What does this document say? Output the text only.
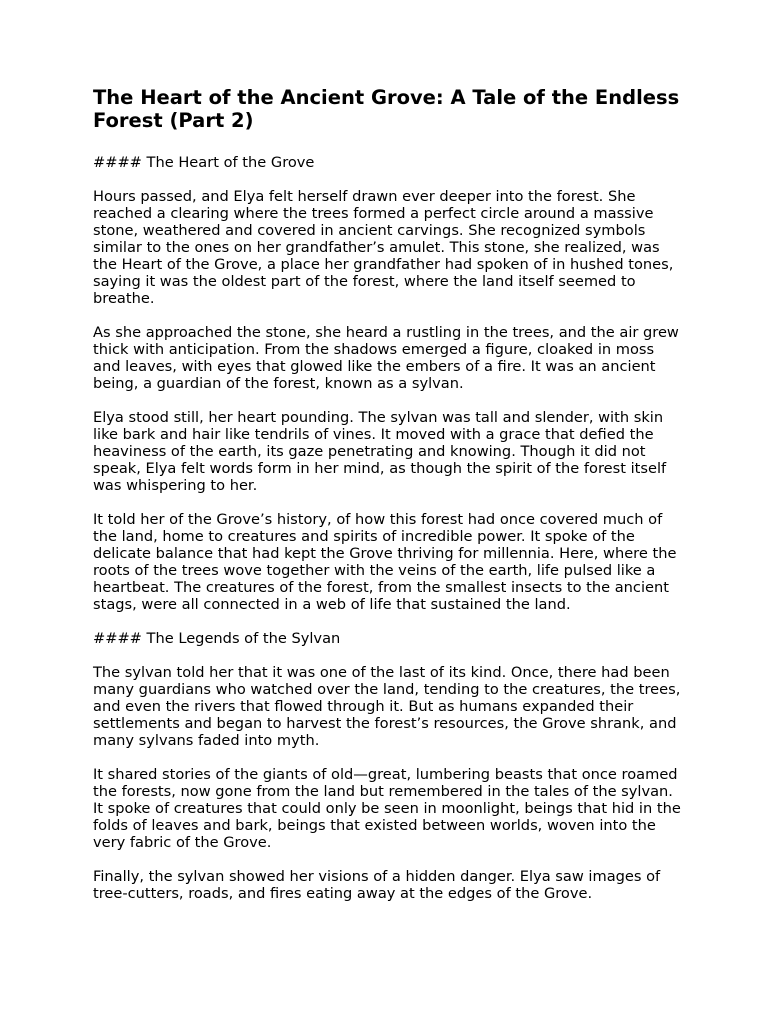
The Heart of the Ancient Grove: A Tale of the Endless Forest (Part 2)

#### The Heart of the Grove

Hours passed, and Elya felt herself drawn ever deeper into the forest. She reached a clearing where the trees formed a perfect circle around a massive stone, weathered and covered in ancient carvings. She recognized symbols similar to the ones on her grandfather’s amulet. This stone, she realized, was the Heart of the Grove, a place her grandfather had spoken of in hushed tones, saying it was the oldest part of the forest, where the land itself seemed to breathe.

As she approached the stone, she heard a rustling in the trees, and the air grew thick with anticipation. From the shadows emerged a figure, cloaked in moss and leaves, with eyes that glowed like the embers of a fire. It was an ancient being, a guardian of the forest, known as a sylvan.

Elya stood still, her heart pounding. The sylvan was tall and slender, with skin like bark and hair like tendrils of vines. It moved with a grace that defied the heaviness of the earth, its gaze penetrating and knowing. Though it did not speak, Elya felt words form in her mind, as though the spirit of the forest itself was whispering to her.

It told her of the Grove’s history, of how this forest had once covered much of the land, home to creatures and spirits of incredible power. It spoke of the delicate balance that had kept the Grove thriving for millennia. Here, where the roots of the trees wove together with the veins of the earth, life pulsed like a heartbeat. The creatures of the forest, from the smallest insects to the ancient stags, were all connected in a web of life that sustained the land.

#### The Legends of the Sylvan

The sylvan told her that it was one of the last of its kind. Once, there had been many guardians who watched over the land, tending to the creatures, the trees, and even the rivers that flowed through it. But as humans expanded their settlements and began to harvest the forest’s resources, the Grove shrank, and many sylvans faded into myth.

It shared stories of the giants of old—great, lumbering beasts that once roamed the forests, now gone from the land but remembered in the tales of the sylvan. It spoke of creatures that could only be seen in moonlight, beings that hid in the folds of leaves and bark, beings that existed between worlds, woven into the very fabric of the Grove.

Finally, the sylvan showed her visions of a hidden danger. Elya saw images of tree-cutters, roads, and fires eating away at the edges of the Grove.
